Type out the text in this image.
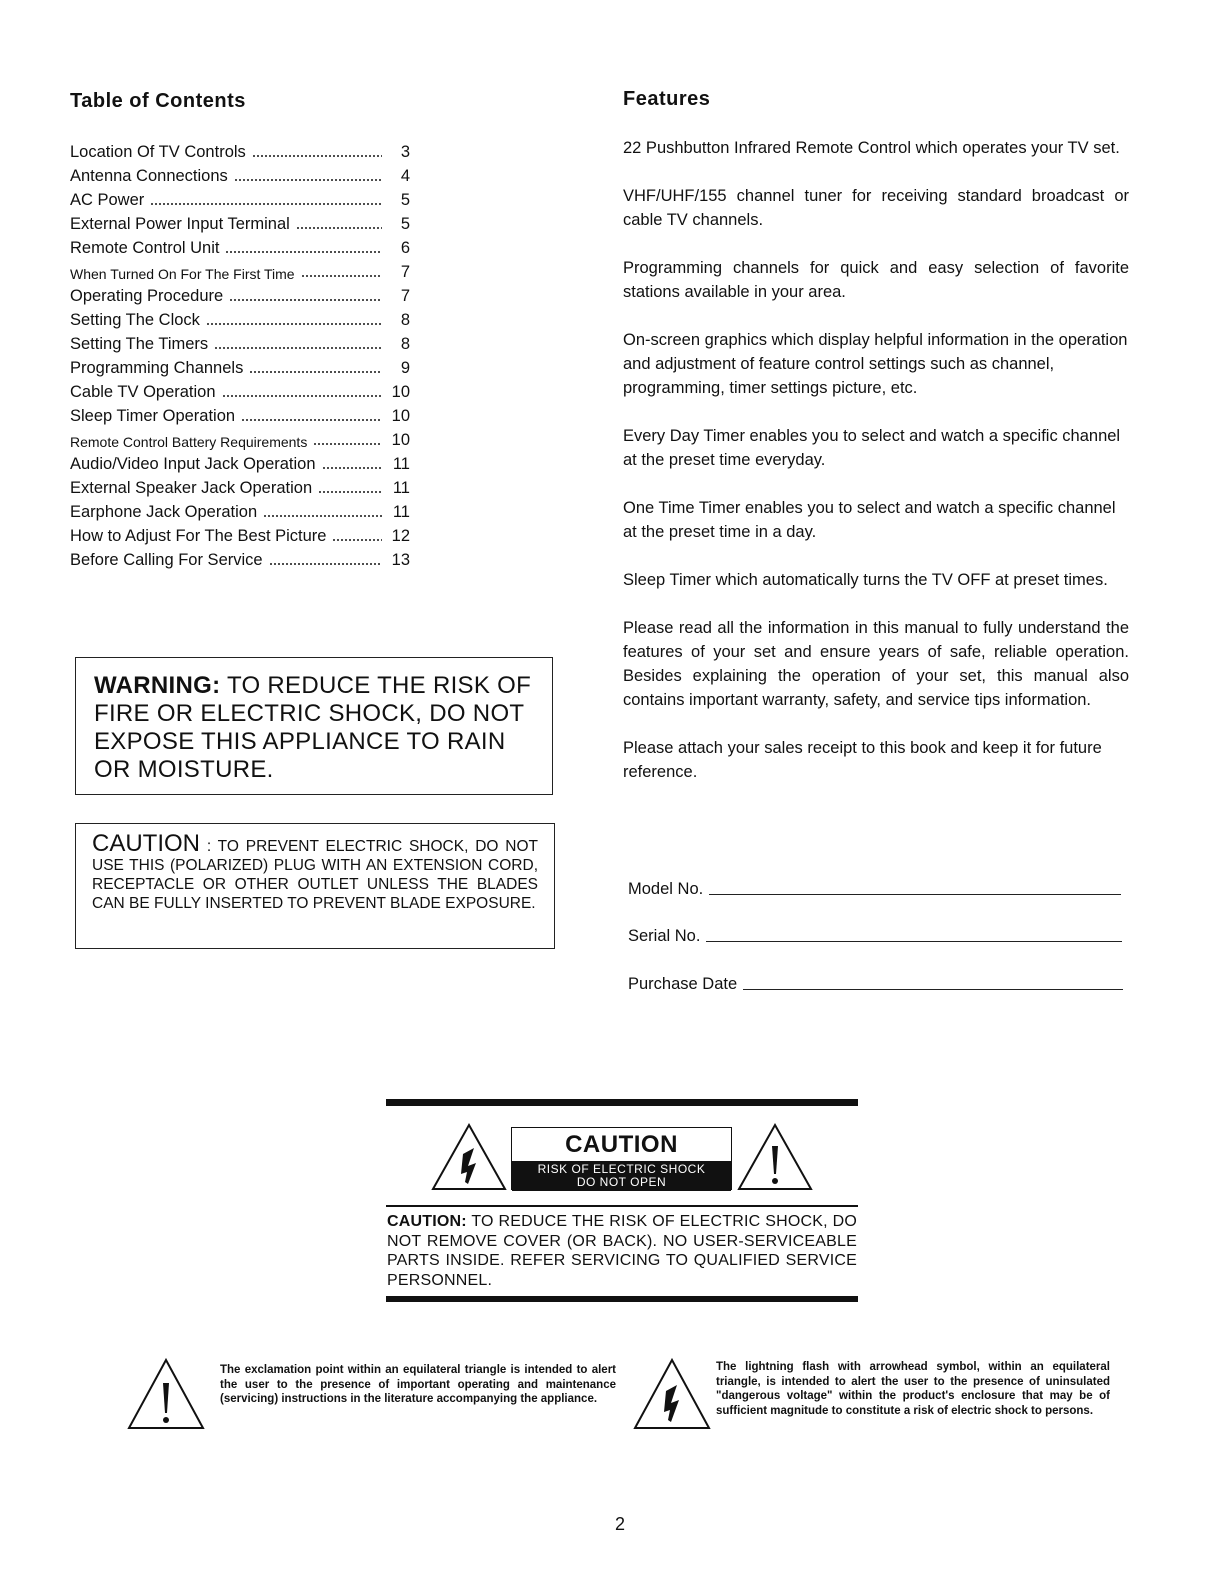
Table of Contents
Location Of TV Controls	3
Antenna Connections	4
AC Power	5
External Power Input Terminal	5
Remote Control Unit	6
When Turned On For The First Time	7
Operating Procedure	7
Setting The Clock	8
Setting The Timers	8
Programming Channels	9
Cable TV Operation	10
Sleep Timer Operation	10
Remote Control Battery Requirements	10
Audio/Video Input Jack Operation	11
External Speaker Jack Operation	11
Earphone Jack Operation	11
How to Adjust For The Best Picture	12
Before Calling For Service	13
WARNING: TO REDUCE THE RISK OF FIRE OR ELECTRIC SHOCK, DO NOT EXPOSE THIS APPLIANCE TO RAIN OR MOISTURE.
CAUTION : TO PREVENT ELECTRIC SHOCK, DO NOT USE THIS (POLARIZED) PLUG WITH AN EXTENSION CORD, RECEPTACLE OR OTHER OUTLET UNLESS THE BLADES CAN BE FULLY INSERTED TO PREVENT BLADE EXPOSURE.
Features

22 Pushbutton Infrared Remote Control which operates your TV set.

VHF/UHF/155 channel tuner for receiving standard broadcast or cable TV channels.

Programming channels for quick and easy selection of favorite stations available in your area.

On-screen graphics which display helpful information in the operation and adjustment of feature control settings such as channel, programming, timer settings picture, etc.

Every Day Timer enables you to select and watch a specific channel at the preset time everyday.

One Time Timer enables you to select and watch a specific channel at the preset time in a day.

Sleep Timer which automatically turns the TV OFF at preset times.

Please read all the information in this manual to fully understand the features of your set and ensure years of safe, reliable operation. Besides explaining the operation of your set, this manual also contains important warranty, safety, and service tips information.

Please attach your sales receipt to this book and keep it for future reference.

Model No.
Serial No.
Purchase Date
CAUTION
RISK OF ELECTRIC SHOCK
DO NOT OPEN
CAUTION: TO REDUCE THE RISK OF ELECTRIC SHOCK, DO NOT REMOVE COVER (OR BACK). NO USER-SERVICEABLE PARTS INSIDE. REFER SERVICING TO QUALIFIED SERVICE PERSONNEL.
The exclamation point within an equilateral triangle is intended to alert the user to the presence of important operating and maintenance (servicing) instructions in the literature accompanying the appliance.
The lightning flash with arrowhead symbol, within an equilateral triangle, is intended to alert the user to the presence of uninsulated "dangerous voltage" within the product's enclosure that may be of sufficient magnitude to constitute a risk of electric shock to persons.
2
